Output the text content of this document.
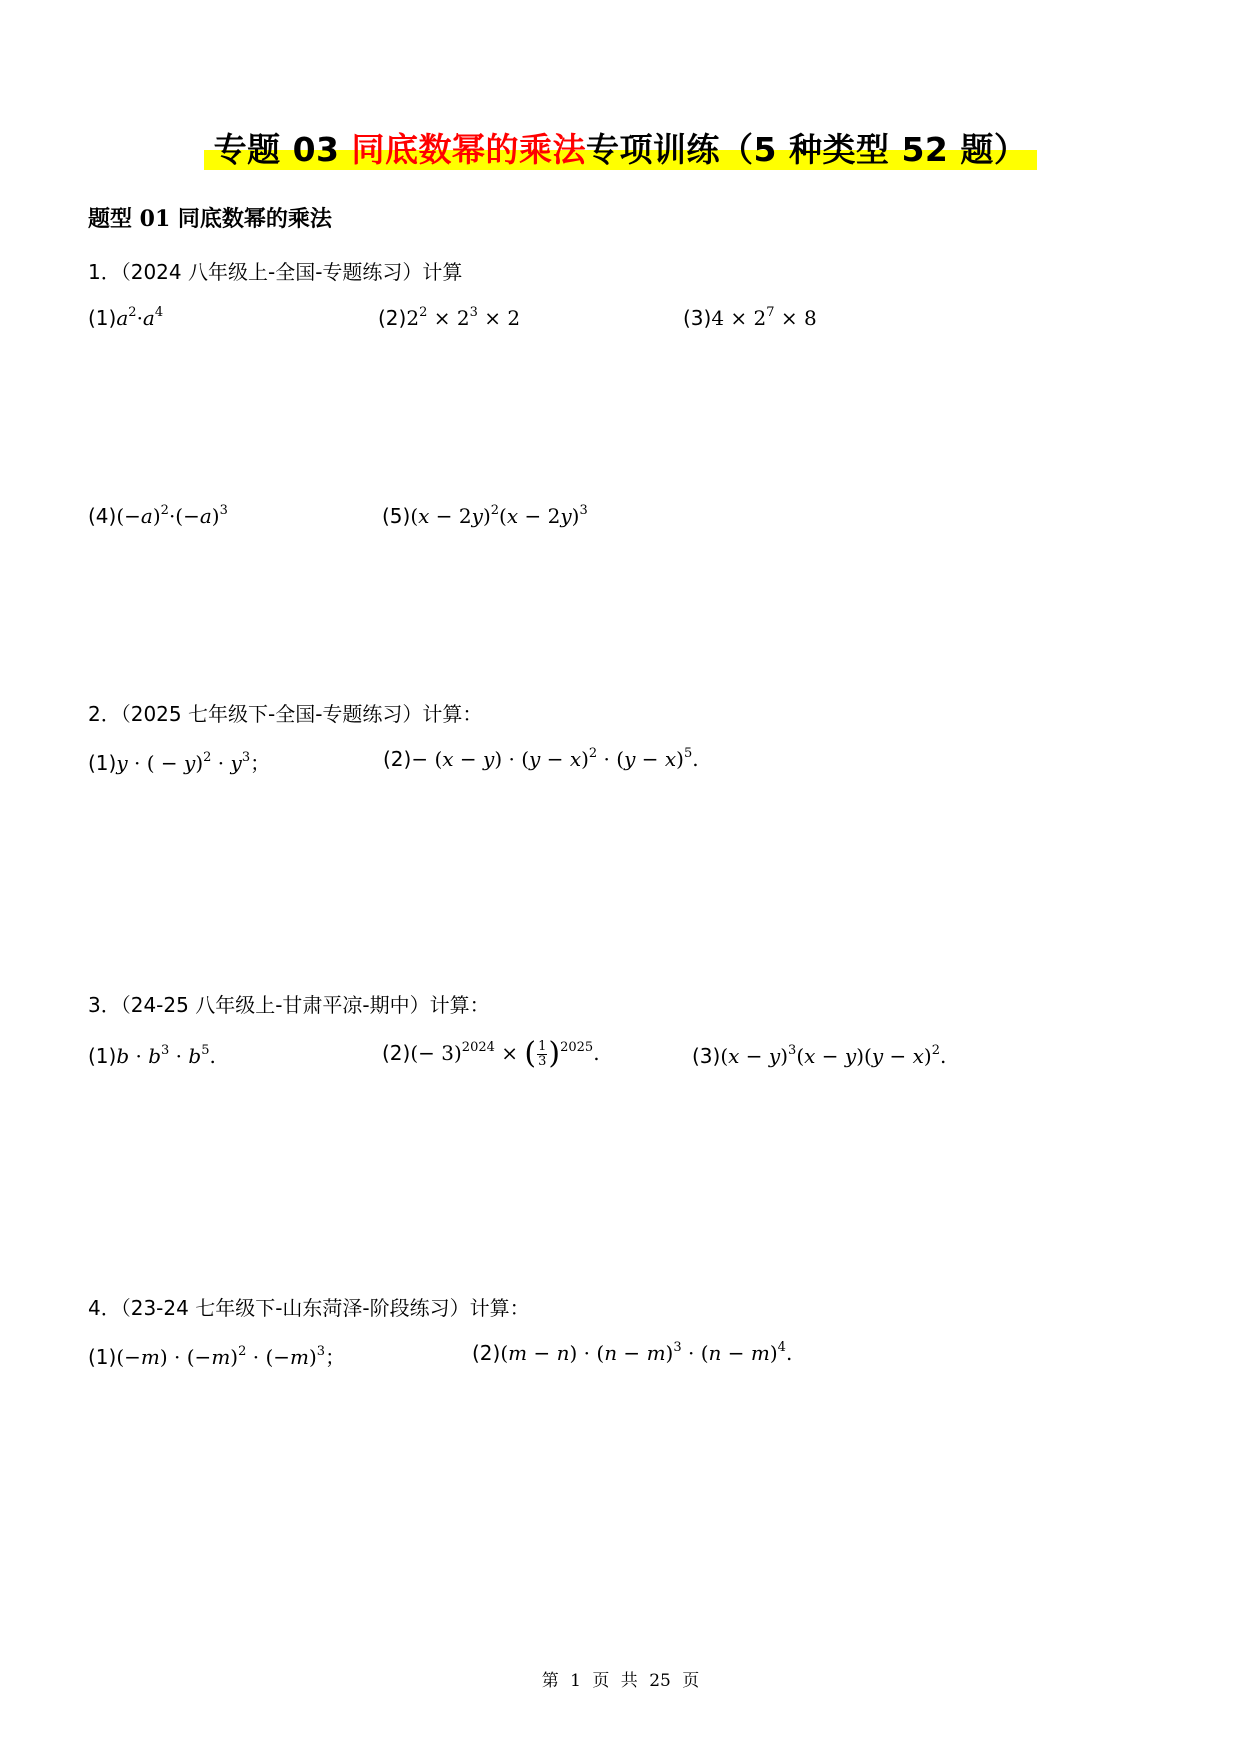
专题 03 同底数幂的乘法专项训练（5 种类型 52 题）
题型 01 同底数幂的乘法
1．（2024 八年级上-全国-专题练习）计算
$(1)a^2\cdot a^4$	$(2)2^2 \times 2^3 \times 2$	$(3)4 \times 2^7 \times 8$
$(4)(-a)^2\cdot(-a)^3$	$(5)(x - 2y)^2(x - 2y)^3$
2．（2025 七年级下-全国-专题练习）计算：
(1)y · ( − $y)^2 \cdot y^3$；	$(2)- (x - y) \cdot (y - x)^2 \cdot (y - x)^5$.
3．（24-25 八年级上-甘肃平凉-期中）计算：
$(1)b \cdot b^3 \cdot b^5$.	$(2)(- 3)^{2024}$ × ( $\frac{1}{3} )^{2025}$.	$(3)(x - y)^3(x - y)(y - x)^2$.
4．（23-24 七年级下-山东菏泽-阶段练习）计算：
$(1)(-m) \cdot (-m)^2 \cdot (-m)^3$；	$(2)(m - n) \cdot (n - m)^3 \cdot (n - m)^4$.
第 1 页 共 25 页
